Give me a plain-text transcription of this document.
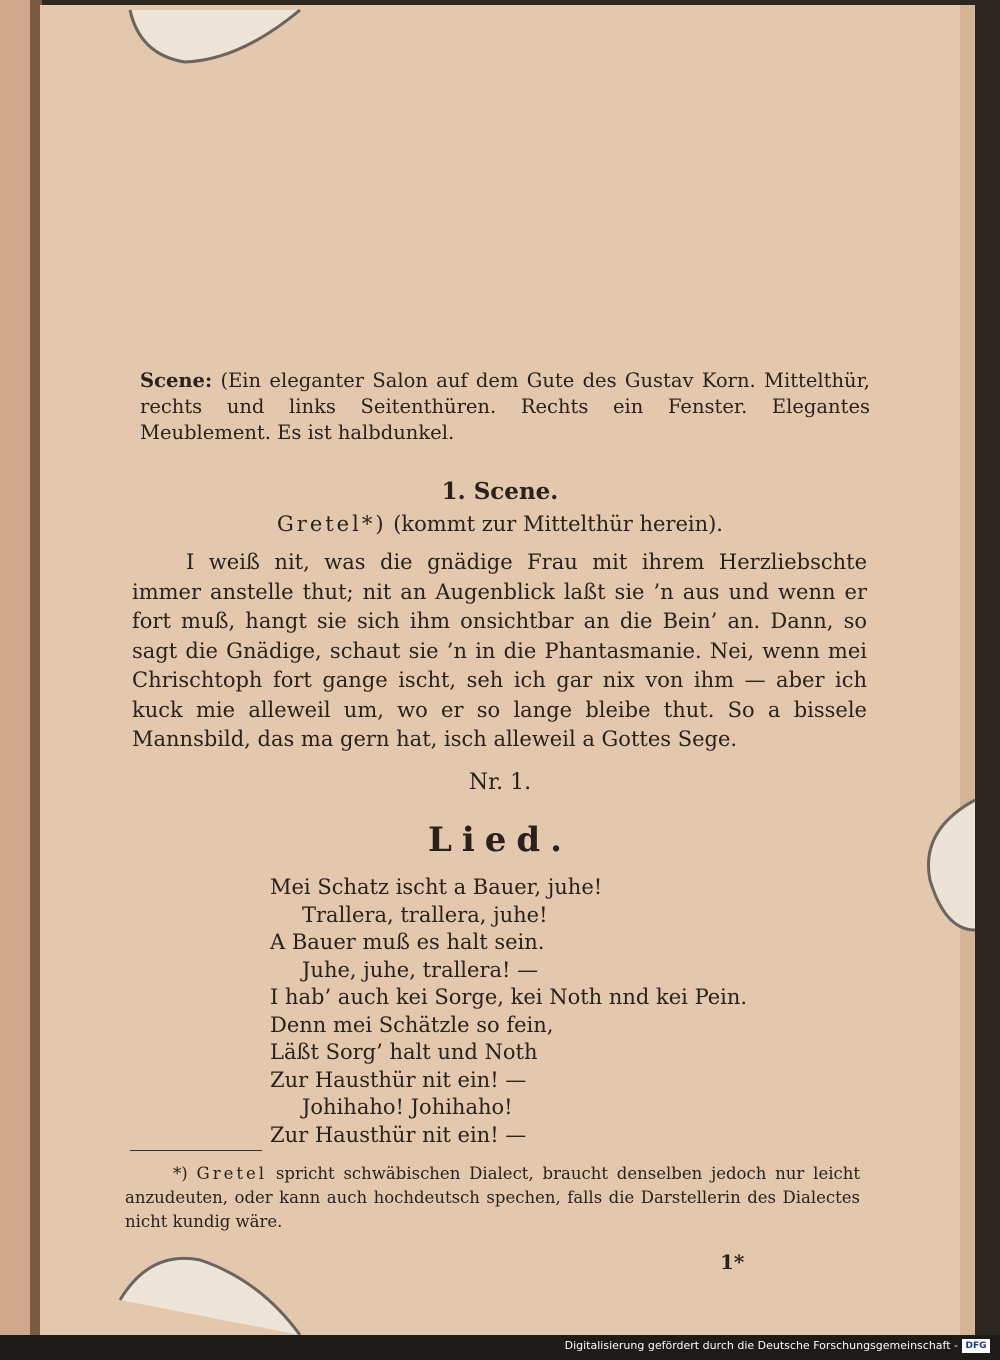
Scene: (Ein eleganter Salon auf dem Gute des Gustav Korn. Mittelthür, rechts und links Seitenthüren. Rechts ein Fenster. Elegantes Meublement. Es ist halbdunkel.
1. Scene.
Gretel*) (kommt zur Mittelthür herein).
I weiß nit, was die gnädige Frau mit ihrem Herzliebschte immer anstelle thut; nit an Augenblick laßt sie ’n aus und wenn er fort muß, hangt sie sich ihm onsichtbar an die Bein’ an. Dann, so sagt die Gnädige, schaut sie ’n in die Phantasmanie. Nei, wenn mei Chrischtoph fort gange ischt, seh ich gar nix von ihm — aber ich kuck mie alleweil um, wo er so lange bleibe thut. So a bissele Mannsbild, das ma gern hat, isch alleweil a Gottes Sege.
Nr. 1.
Lied.
Mei Schatz ischt a Bauer, juhe!
Trallera, trallera, juhe!
A Bauer muß es halt sein.
Juhe, juhe, trallera! —
I hab’ auch kei Sorge, kei Noth nnd kei Pein.
Denn mei Schätzle so fein,
Läßt Sorg’ halt und Noth
Zur Hausthür nit ein! —
Johihaho! Johihaho!
Zur Hausthür nit ein! —
*) Gretel spricht schwäbischen Dialect, braucht denselben jedoch nur leicht anzudeuten, oder kann auch hochdeutsch spechen, falls die Darstellerin des Dialectes nicht kundig wäre.
1*
Digitalisierung gefördert durch die Deutsche Forschungsgemeinschaft - DFG
